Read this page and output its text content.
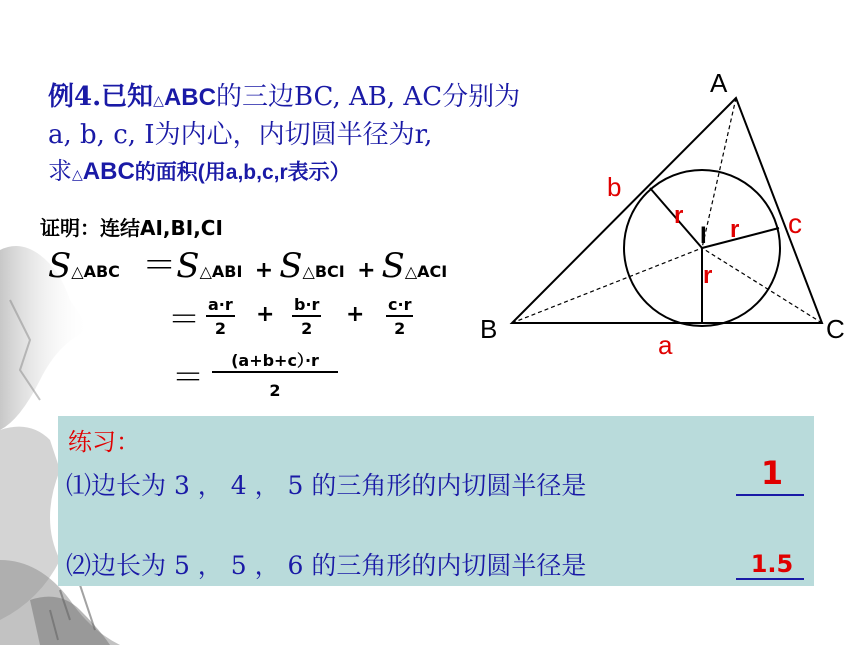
例4.已知△ABC的三边BC, AB, AC分别为
a, b, c, I为内心，内切圆半径为r,
求△ABC的面积(用a,b,c,r表示）
证明：连结AI,BI,CI
S△ABC ＝S△ABI + S△BCI + S△ACI
＝ $\frac{a\cdot r}{2} + \frac{b\cdot r}{2} + \frac{c\cdot r}{2}$
＝ $\frac{(a+b+c)\cdot r}{2}$
A
B	C
I
a
b
c
r
r
r
练习：
⑴边长为 3 ， 4 ， 5 的三角形的内切圆半径是	1
⑵边长为 5 ， 5 ， 6 的三角形的内切圆半径是	1.5
